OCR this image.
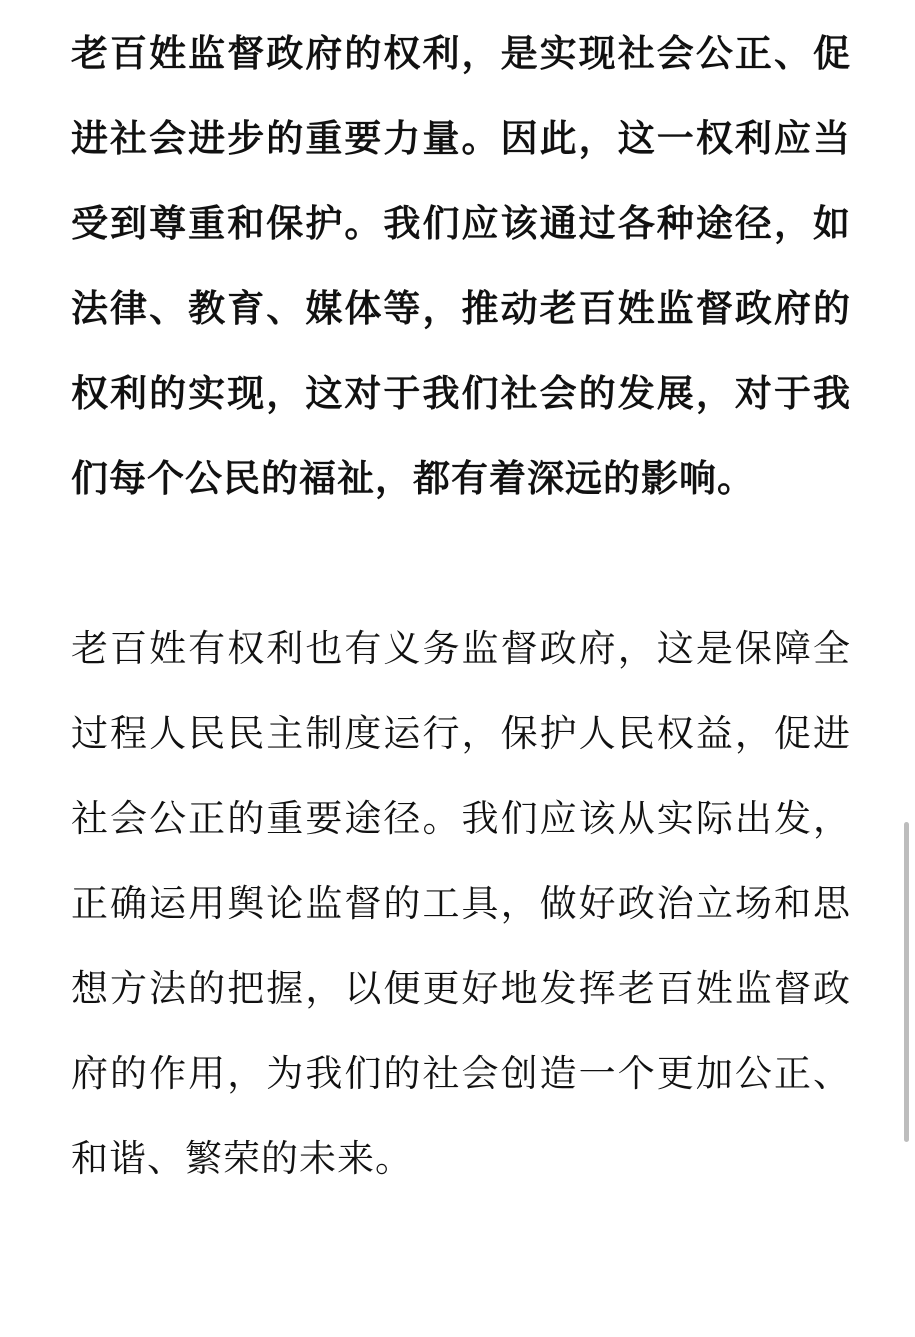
老百姓监督政府的权利，是实现社会公正、促进社会进步的重要力量。因此，这一权利应当受到尊重和保护。我们应该通过各种途径，如法律、教育、媒体等，推动老百姓监督政府的权利的实现，这对于我们社会的发展，对于我们每个公民的福祉，都有着深远的影响。

老百姓有权利也有义务监督政府，这是保障全过程人民民主制度运行，保护人民权益，促进社会公正的重要途径。我们应该从实际出发，正确运用舆论监督的工具，做好政治立场和思想方法的把握，以便更好地发挥老百姓监督政府的作用，为我们的社会创造一个更加公正、和谐、繁荣的未来。
